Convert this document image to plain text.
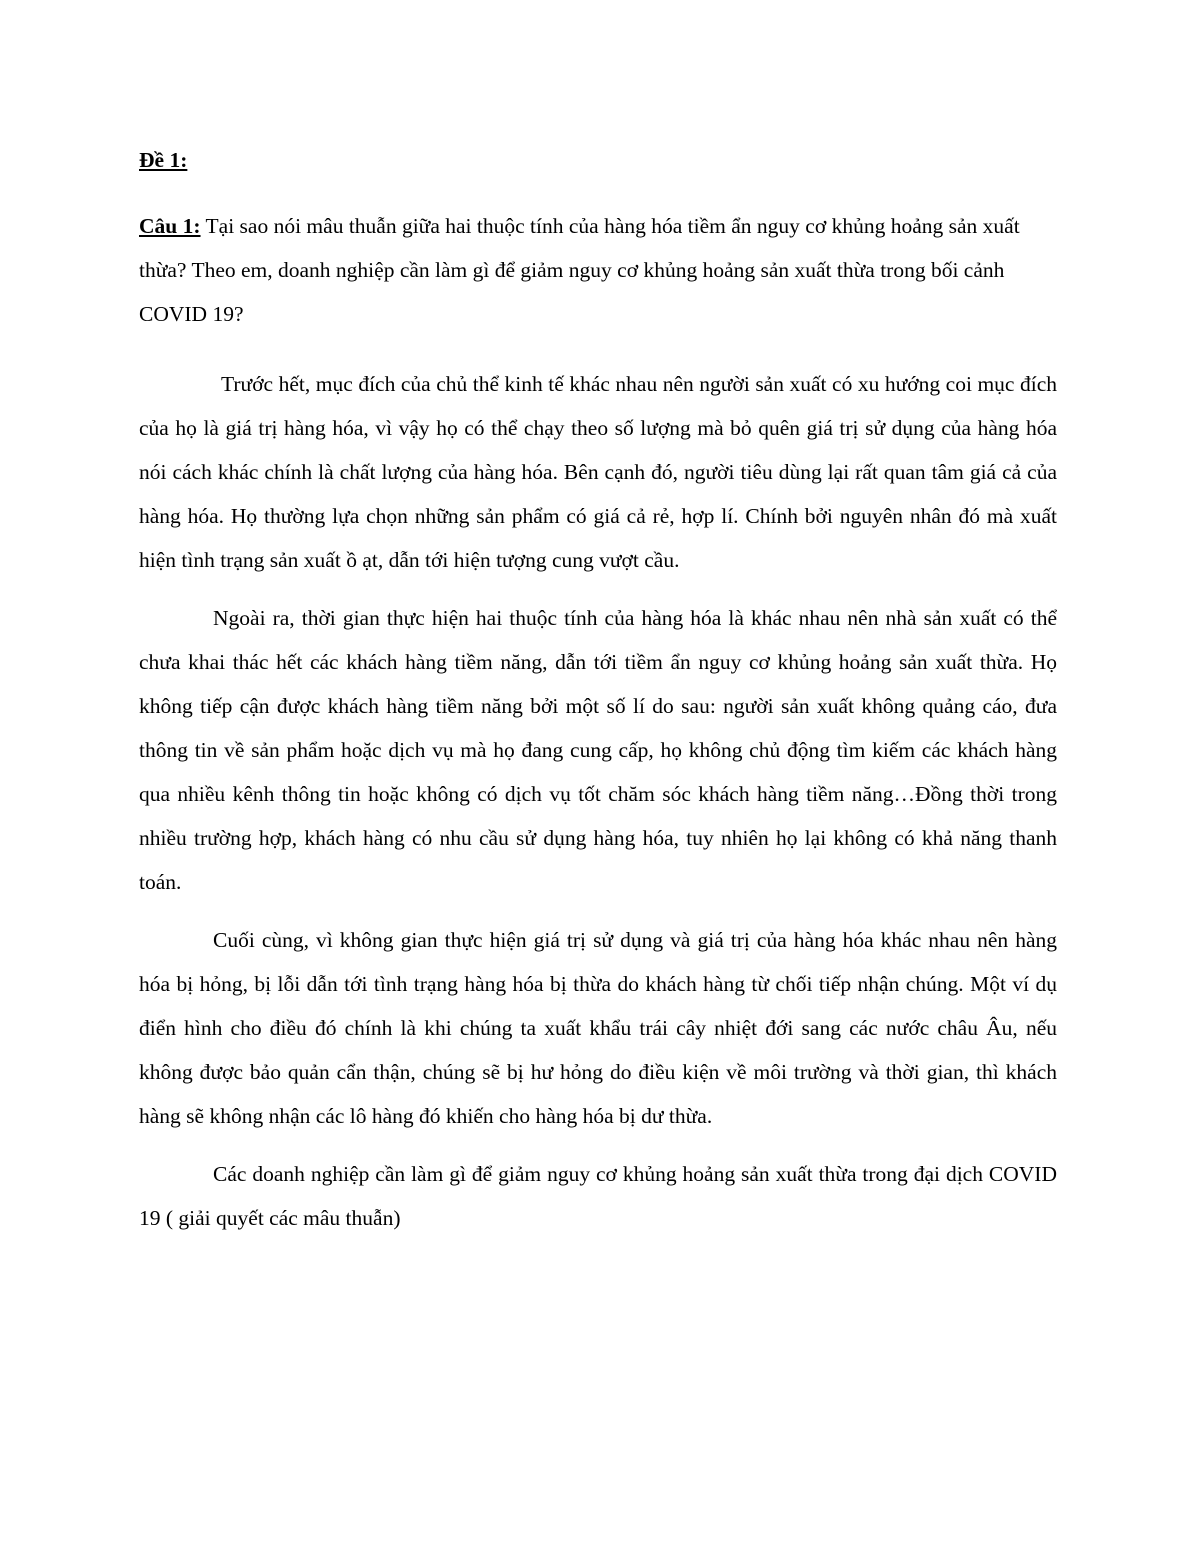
Đề 1:

Câu 1: Tại sao nói mâu thuẫn giữa hai thuộc tính của hàng hóa tiềm ẩn nguy cơ khủng hoảng sản xuất thừa? Theo em, doanh nghiệp cần làm gì để giảm nguy cơ khủng hoảng sản xuất thừa trong bối cảnh COVID 19?

Trước hết, mục đích của chủ thể kinh tế khác nhau nên người sản xuất có xu hướng coi mục đích của họ là giá trị hàng hóa, vì vậy họ có thể chạy theo số lượng mà bỏ quên giá trị sử dụng của hàng hóa nói cách khác chính là chất lượng của hàng hóa. Bên cạnh đó, người tiêu dùng lại rất quan tâm giá cả của hàng hóa. Họ thường lựa chọn những sản phẩm có giá cả rẻ, hợp lí. Chính bởi nguyên nhân đó mà xuất hiện tình trạng sản xuất ồ ạt, dẫn tới hiện tượng cung vượt cầu.

Ngoài ra, thời gian thực hiện hai thuộc tính của hàng hóa là khác nhau nên nhà sản xuất có thể chưa khai thác hết các khách hàng tiềm năng, dẫn tới tiềm ẩn nguy cơ khủng hoảng sản xuất thừa. Họ không tiếp cận được khách hàng tiềm năng bởi một số lí do sau: người sản xuất không quảng cáo, đưa thông tin về sản phẩm hoặc dịch vụ mà họ đang cung cấp, họ không chủ động tìm kiếm các khách hàng qua nhiều kênh thông tin hoặc không có dịch vụ tốt chăm sóc khách hàng tiềm năng…Đồng thời trong nhiều trường hợp, khách hàng có nhu cầu sử dụng hàng hóa, tuy nhiên họ lại không có khả năng thanh toán.

Cuối cùng, vì không gian thực hiện giá trị sử dụng và giá trị của hàng hóa khác nhau nên hàng hóa bị hỏng, bị lỗi dẫn tới tình trạng hàng hóa bị thừa do khách hàng từ chối tiếp nhận chúng. Một ví dụ điển hình cho điều đó chính là khi chúng ta xuất khẩu trái cây nhiệt đới sang các nước châu Âu, nếu không được bảo quản cẩn thận, chúng sẽ bị hư hỏng do điều kiện về môi trường và thời gian, thì khách hàng sẽ không nhận các lô hàng đó khiến cho hàng hóa bị dư thừa.

Các doanh nghiệp cần làm gì để giảm nguy cơ khủng hoảng sản xuất thừa trong đại dịch COVID 19 ( giải quyết các mâu thuẫn)
